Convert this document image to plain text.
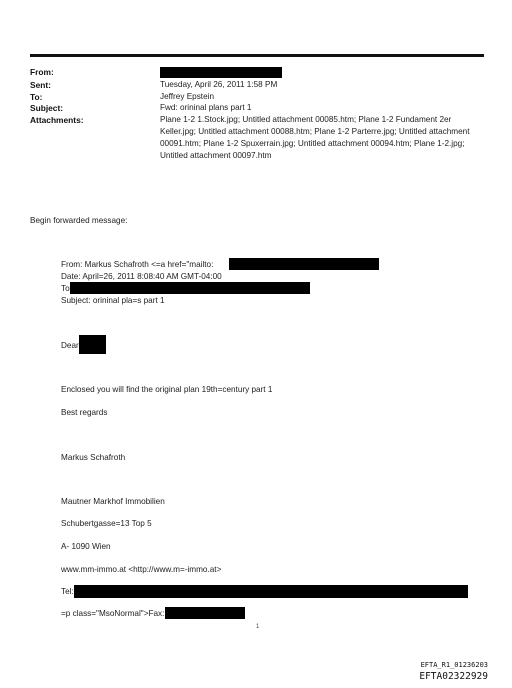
From:
Sent:
To:
Subject:
Attachments:
Tuesday, April 26, 2011 1:58 PM
Jeffrey Epstein
Fwd: orininal plans part 1
Plane 1-2 1.Stock.jpg; Untitled attachment 00085.htm; Plane 1-2 Fundament 2er Keller.jpg; Untitled attachment 00088.htm; Plane 1-2 Parterre.jpg; Untitled attachment 00091.htm; Plane 1-2 Spuxerrain.jpg; Untitled attachment 00094.htm; Plane 1-2.jpg; Untitled attachment 00097.htm
Begin forwarded message:
From: Markus Schafroth <=a href="mailto:
Date: April=26, 2011 8:08:40 AM GMT-04:00
To
Subject: orininal pla=s part 1
Dear
Enclosed you will find the original plan 19th=century part 1
Best regards
Markus Schafroth
Mautner Markhof Immobilien
Schubertgasse=13 Top 5
A- 1090 Wien
www.mm-immo.at <http://www.m=-immo.at>
Tel:
=p class="MsoNormal">Fax:
1
EFTA_R1_01236203
EFTA02322929
